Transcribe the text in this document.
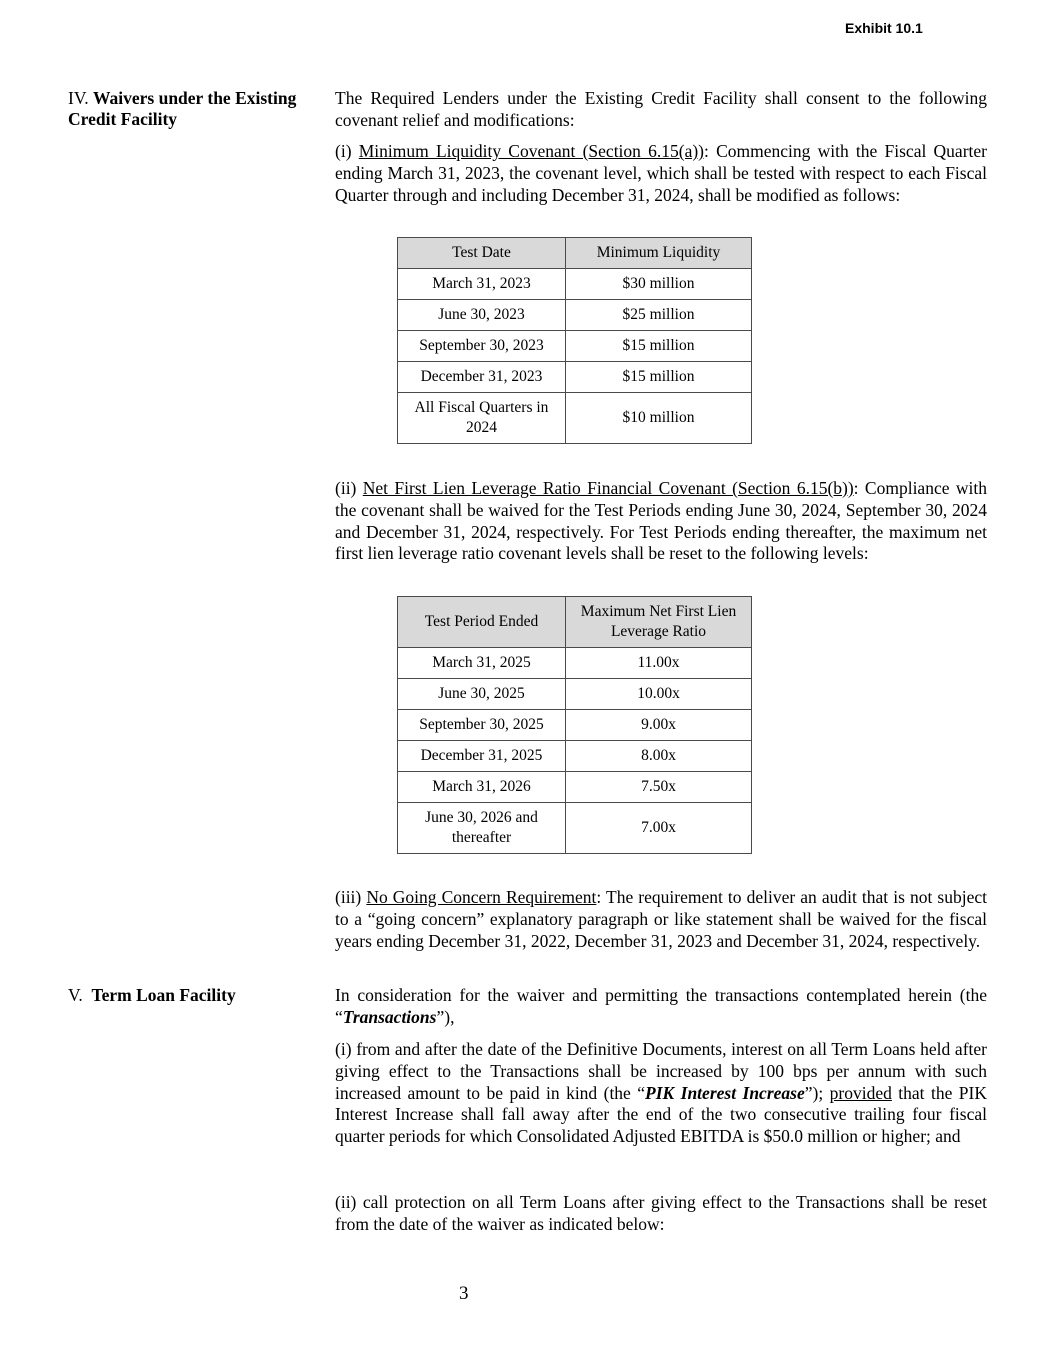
Exhibit 10.1
IV. Waivers under the Existing
Credit Facility
The Required Lenders under the Existing Credit Facility shall consent to the following covenant relief and modifications:
(i) Minimum Liquidity Covenant (Section 6.15(a)): Commencing with the Fiscal Quarter ending March 31, 2023, the covenant level, which shall be tested with respect to each Fiscal Quarter through and including December 31, 2024, shall be modified as follows:
Test Date	Minimum Liquidity
March 31, 2023	$30 million
June 30, 2023	$25 million
September 30, 2023	$15 million
December 31, 2023	$15 million
All Fiscal Quarters in 2024	$10 million
(ii) Net First Lien Leverage Ratio Financial Covenant (Section 6.15(b)): Compliance with the covenant shall be waived for the Test Periods ending June 30, 2024, September 30, 2024 and December 31, 2024, respectively. For Test Periods ending thereafter, the maximum net first lien leverage ratio covenant levels shall be reset to the following levels:
Test Period Ended	Maximum Net First Lien Leverage Ratio
March 31, 2025	11.00x
June 30, 2025	10.00x
September 30, 2025	9.00x
December 31, 2025	8.00x
March 31, 2026	7.50x
June 30, 2026 and thereafter	7.00x
(iii) No Going Concern Requirement: The requirement to deliver an audit that is not subject to a “going concern” explanatory paragraph or like statement shall be waived for the fiscal years ending December 31, 2022, December 31, 2023 and December 31, 2024, respectively.
V. Term Loan Facility	In consideration for the waiver and permitting the transactions contemplated herein (the “Transactions”),
(i) from and after the date of the Definitive Documents, interest on all Term Loans held after giving effect to the Transactions shall be increased by 100 bps per annum with such increased amount to be paid in kind (the “PIK Interest Increase”); provided that the PIK Interest Increase shall fall away after the end of the two consecutive trailing four fiscal quarter periods for which Consolidated Adjusted EBITDA is $50.0 million or higher; and
(ii) call protection on all Term Loans after giving effect to the Transactions shall be reset from the date of the waiver as indicated below:
3
